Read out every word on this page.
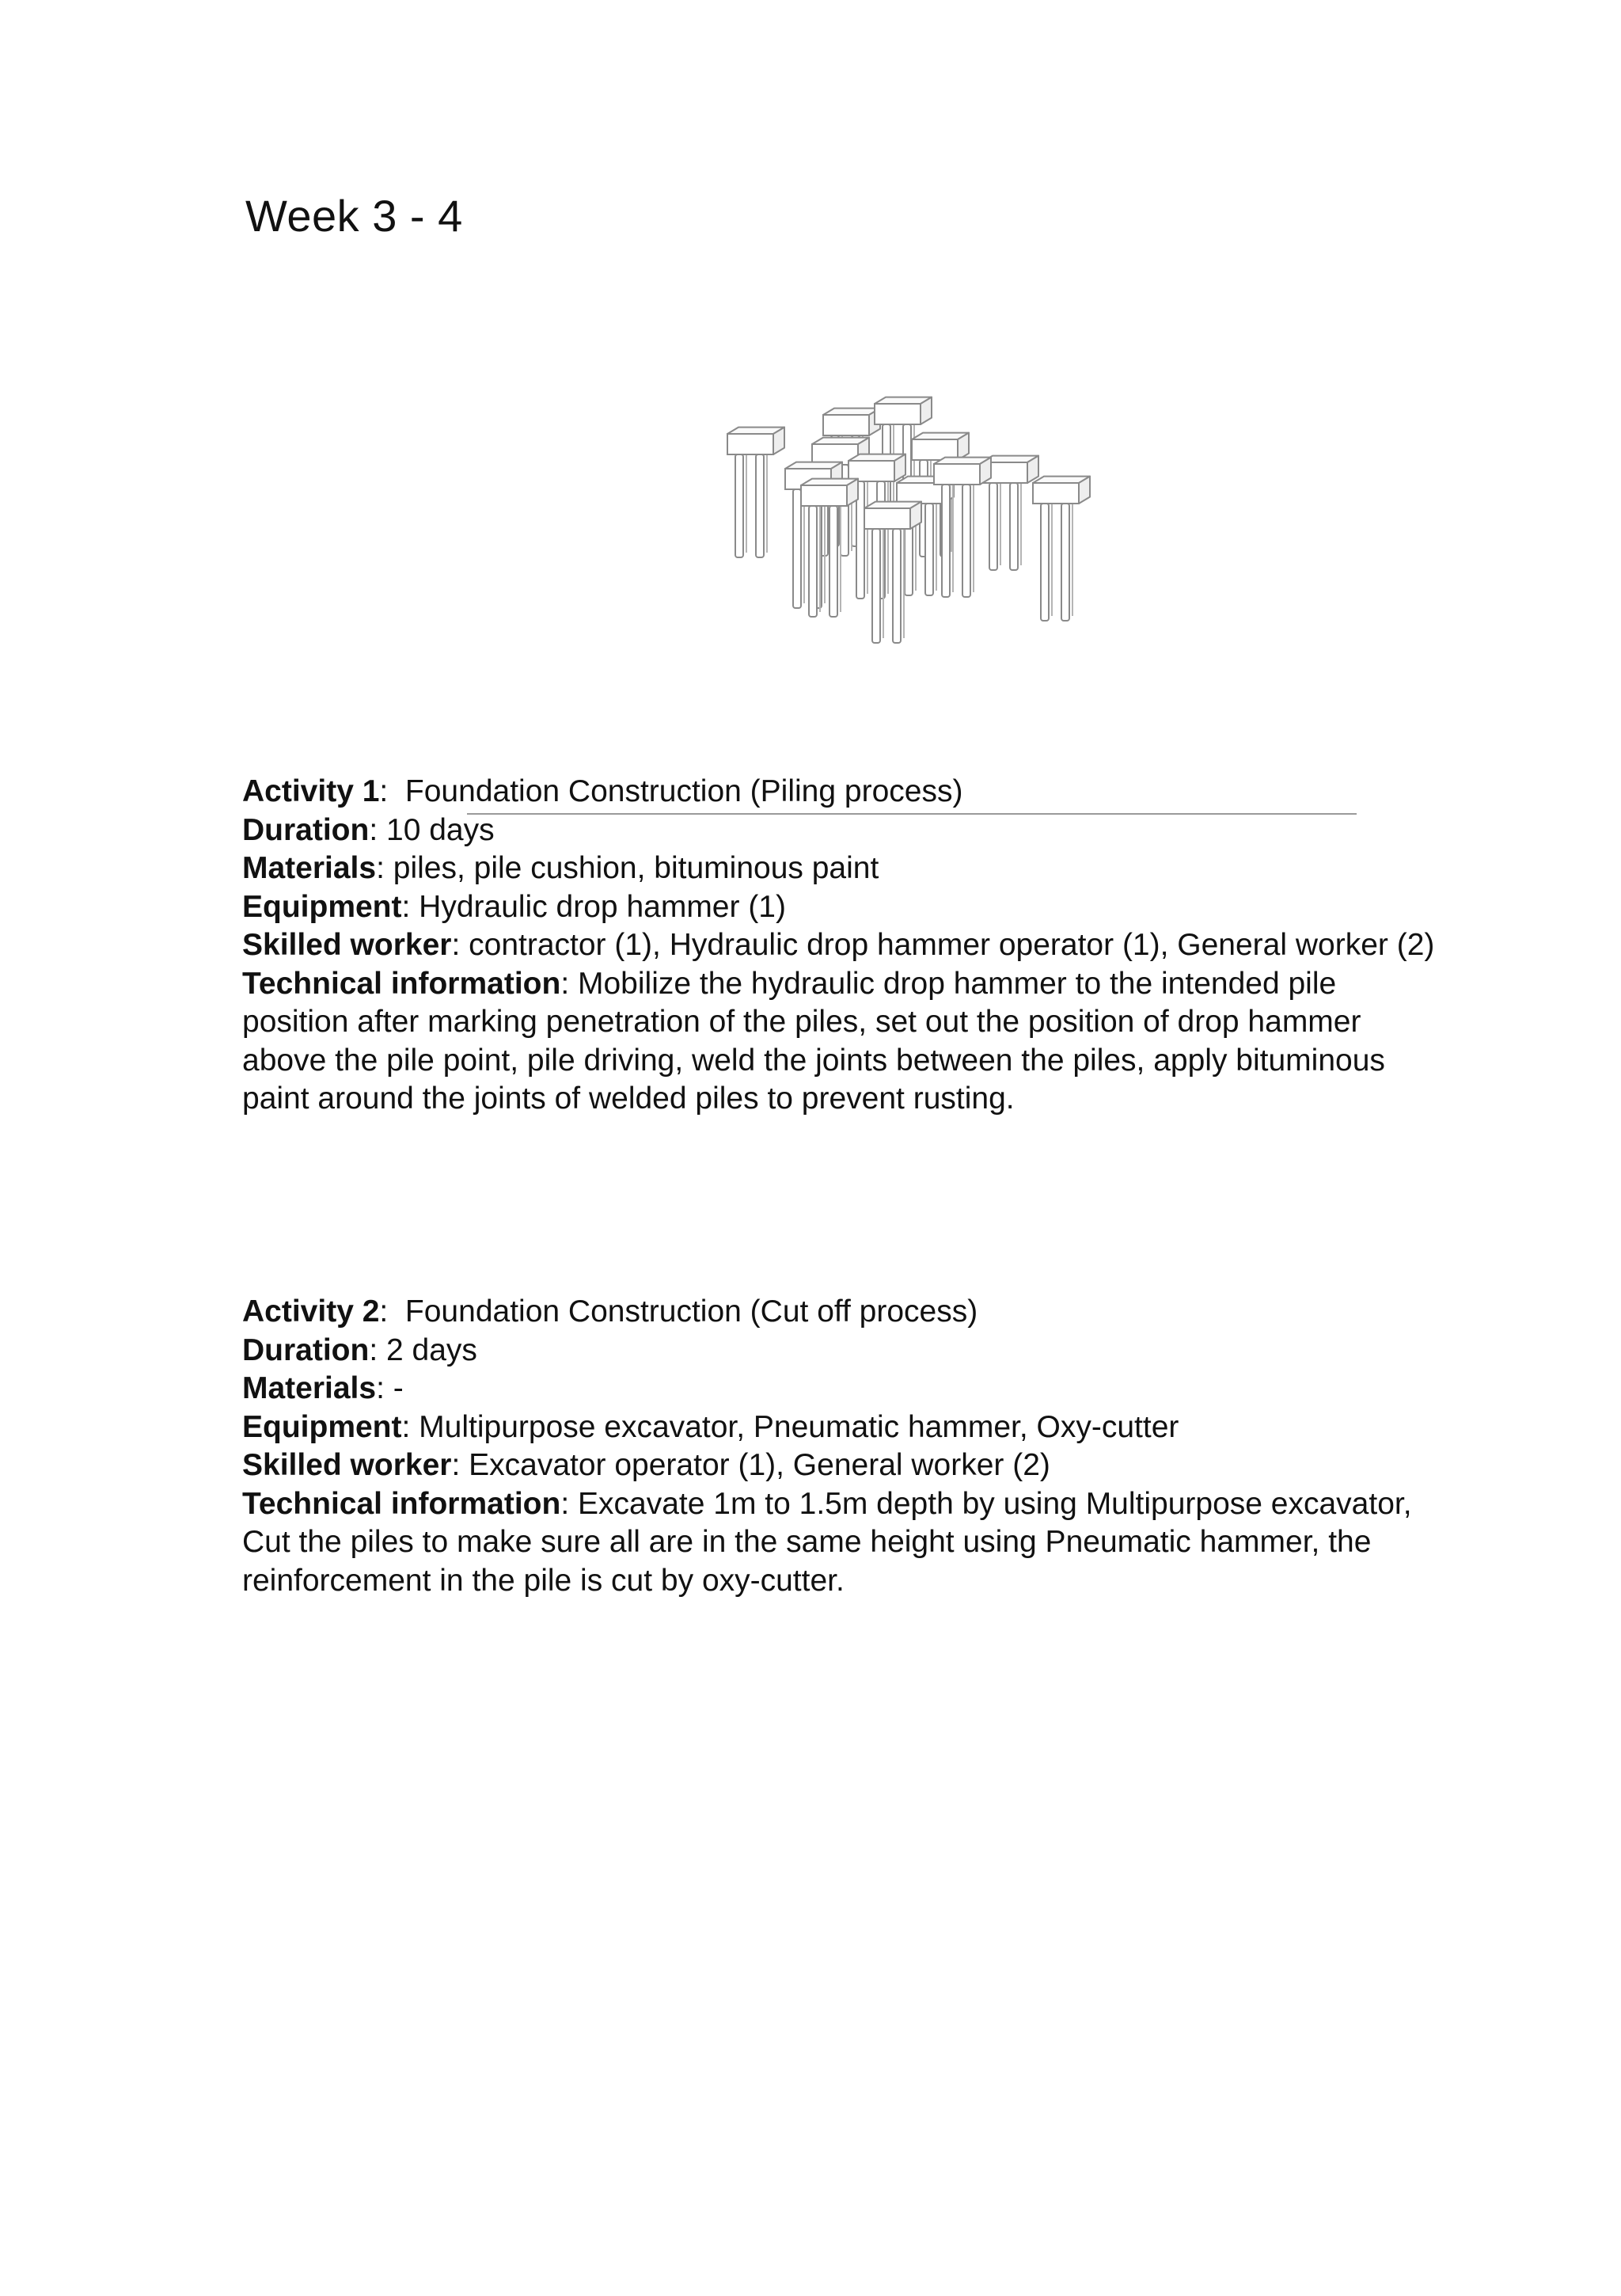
Week 3 - 4

Activity 1:  Foundation Construction (Piling process)

Duration: 10 days

Materials: piles, pile cushion, bituminous paint

Equipment: Hydraulic drop hammer (1)

Skilled worker: contractor (1), Hydraulic drop hammer operator (1), General worker (2)

Technical information: Mobilize the hydraulic drop hammer to the intended pile position after marking penetration of the piles, set out the position of drop hammer above the pile point, pile driving, weld the joints between the piles, apply bituminous paint around the joints of welded piles to prevent rusting.

Activity 2:  Foundation Construction (Cut off process)

Duration: 2 days

Materials: -

Equipment: Multipurpose excavator, Pneumatic hammer, Oxy-cutter

Skilled worker: Excavator operator (1), General worker (2)

Technical information: Excavate 1m to 1.5m depth by using Multipurpose excavator, Cut the piles to make sure all are in the same height using Pneumatic hammer, the reinforcement in the pile is cut by oxy-cutter.
